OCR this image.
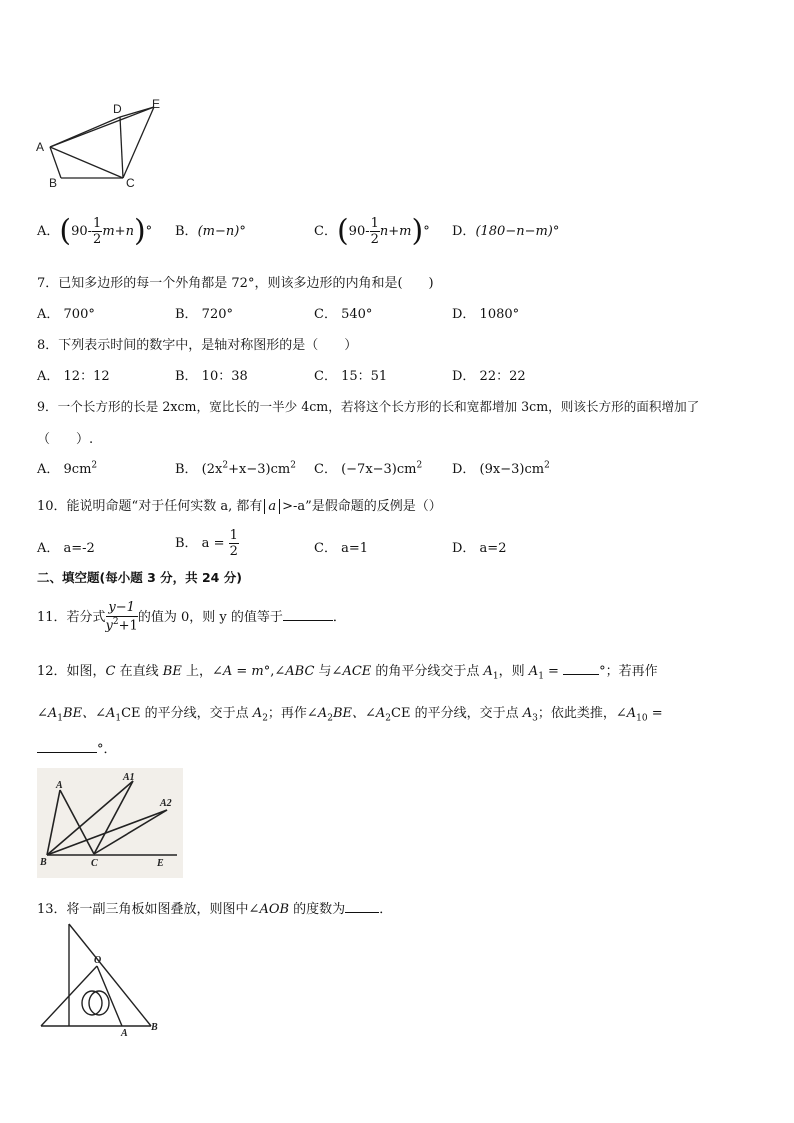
A
B	C
D	E
A．$(90- \frac{1}{2} m+n)^\circ$ B．(m−n)°	C．$(90- \frac{1}{2} n+m)^\circ$ D．(180−n−m)°
7．已知多边形的每一个外角都是 72°，则该多边形的内角和是(　　)
A． 700°	B． 720°	C． 540°	D． 1080°
8．下列表示时间的数字中，是轴对称图形的是（　　）
A． 12：12	B． 10：38	C． 15：51	D． 22：22
9．一个长方形的长是 2xcm，宽比长的一半少 4cm，若将这个长方形的长和宽都增加 3cm，则该长方形的面积增加了
（　　）.
A． $9cm^2$	B． $(2x^2+x-3)cm^2$ C． $(-7x-3)cm^2$ D． $(9x-3)cm^2$
10．能说明命题“对于任何实数 a, 都有 a >-a”是假命题的反例是（）
A． a=-2	B． $a = \frac{1}{2}$	C． a=1	D． a=2
二、填空题(每小题 3 分，共 24 分)
11．若分式 $\frac{y-1}{y^2+1}$ 的值为 0，则 y 的值等于	．
12．如图，C 在直线 BE 上，∠A = m°,∠ABC 与∠ACE 的角平分线交于点 $A_1$，则 $A_1$ =	°；若再作
$\angle A_1BE$、$\angle A_1CE$ 的平分线，交于点 $A_2$；再作$\angle A_2BE$、$\angle A_2CE$ 的平分线，交于点 $A_3$；依此类推，$\angle A_{10}$ =
°．
A
A1
A2
B	C	E
13．将一副三角板如图叠放，则图中∠AOB 的度数为	．
O
A
B
